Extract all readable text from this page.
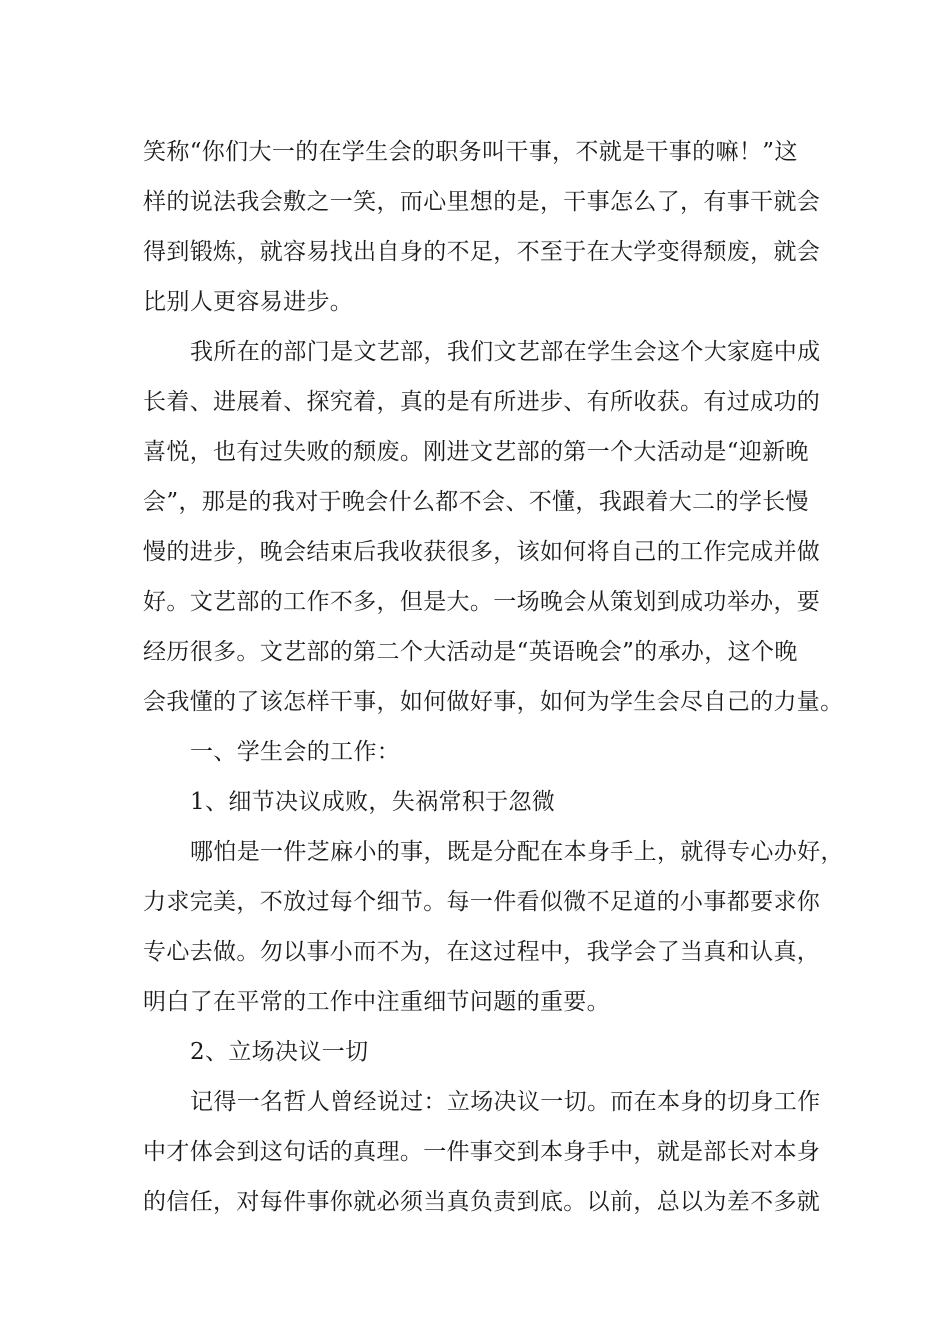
笑称“你们大一的在学生会的职务叫干事，不就是干事的嘛！”这
样的说法我会敷之一笑，而心里想的是，干事怎么了，有事干就会
得到锻炼，就容易找出自身的不足，不至于在大学变得颓废，就会
比别人更容易进步。
我所在的部门是文艺部，我们文艺部在学生会这个大家庭中成
长着、进展着、探究着，真的是有所进步、有所收获。有过成功的
喜悦，也有过失败的颓废。刚进文艺部的第一个大活动是“迎新晚
会”，那是的我对于晚会什么都不会、不懂，我跟着大二的学长慢
慢的进步，晚会结束后我收获很多，该如何将自己的工作完成并做
好。文艺部的工作不多，但是大。一场晚会从策划到成功举办，要
经历很多。文艺部的第二个大活动是“英语晚会”的承办，这个晚
会我懂的了该怎样干事，如何做好事，如何为学生会尽自己的力量。
一、学生会的工作：
1、细节决议成败，失祸常积于忽微
哪怕是一件芝麻小的事，既是分配在本身手上，就得专心办好，
力求完美，不放过每个细节。每一件看似微不足道的小事都要求你
专心去做。勿以事小而不为，在这过程中，我学会了当真和认真，
明白了在平常的工作中注重细节问题的重要。
2、立场决议一切
记得一名哲人曾经说过：立场决议一切。而在本身的切身工作
中才体会到这句话的真理。一件事交到本身手中，就是部长对本身
的信任，对每件事你就必须当真负责到底。以前，总以为差不多就
